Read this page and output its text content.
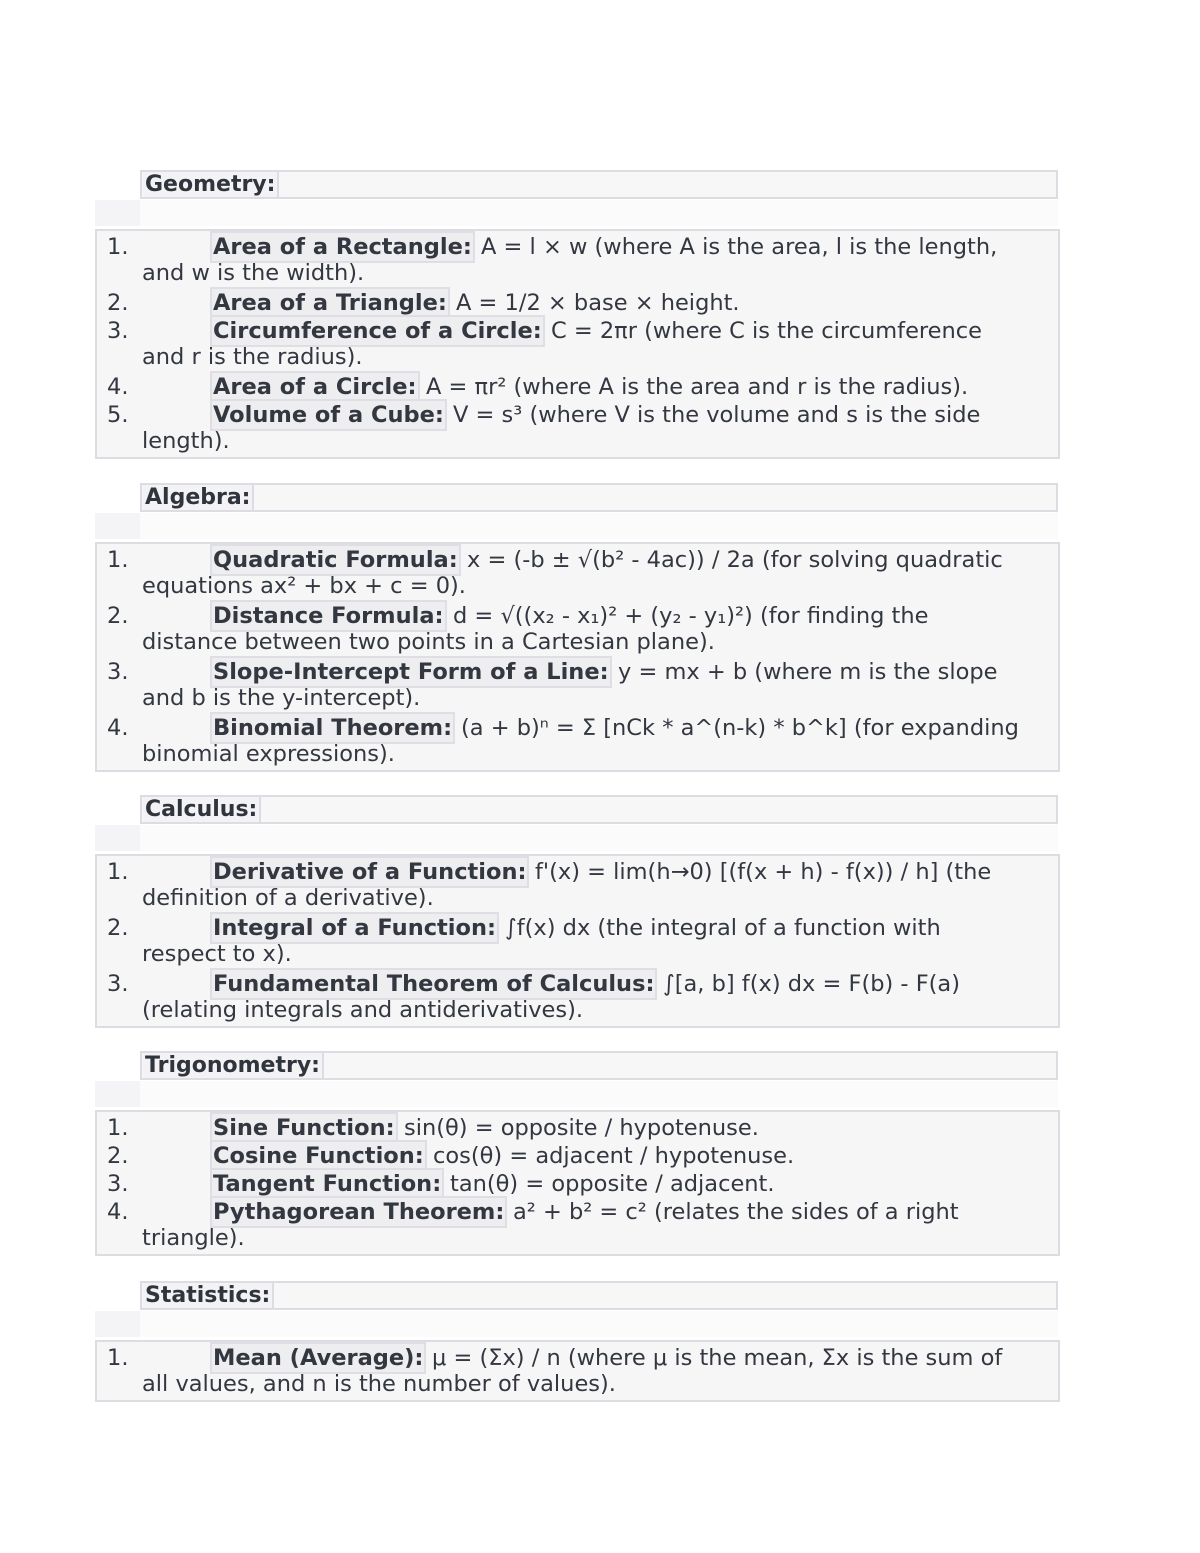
Geometry:
1.	Area of a Rectangle: A = l × w (where A is the area, l is the length,
and w is the width).
2.	Area of a Triangle: A = 1/2 × base × height.
3.	Circumference of a Circle: C = 2πr (where C is the circumference
and r is the radius).
4.	Area of a Circle: A = πr² (where A is the area and r is the radius).
5.	Volume of a Cube: V = s³ (where V is the volume and s is the side
length).
Algebra:
1.	Quadratic Formula: x = (-b ± √(b² - 4ac)) / 2a (for solving quadratic
equations ax² + bx + c = 0).
2.	Distance Formula: d = √((x₂ - x₁)² + (y₂ - y₁)²) (for finding the
distance between two points in a Cartesian plane).
3.	Slope-Intercept Form of a Line: y = mx + b (where m is the slope
and b is the y-intercept).
4.	Binomial Theorem: (a + b)ⁿ = Σ [nCk * a^(n-k) * b^k] (for expanding
binomial expressions).
Calculus:
1.	Derivative of a Function: f'(x) = lim(h→0) [(f(x + h) - f(x)) / h] (the
definition of a derivative).
2.	Integral of a Function: ∫f(x) dx (the integral of a function with
respect to x).
3.	Fundamental Theorem of Calculus: ∫[a, b] f(x) dx = F(b) - F(a)
(relating integrals and antiderivatives).
Trigonometry:
1.	Sine Function: sin(θ) = opposite / hypotenuse.
2.	Cosine Function: cos(θ) = adjacent / hypotenuse.
3.	Tangent Function: tan(θ) = opposite / adjacent.
4.	Pythagorean Theorem: a² + b² = c² (relates the sides of a right
triangle).
Statistics:
1.	Mean (Average): μ = (Σx) / n (where μ is the mean, Σx is the sum of
all values, and n is the number of values).
